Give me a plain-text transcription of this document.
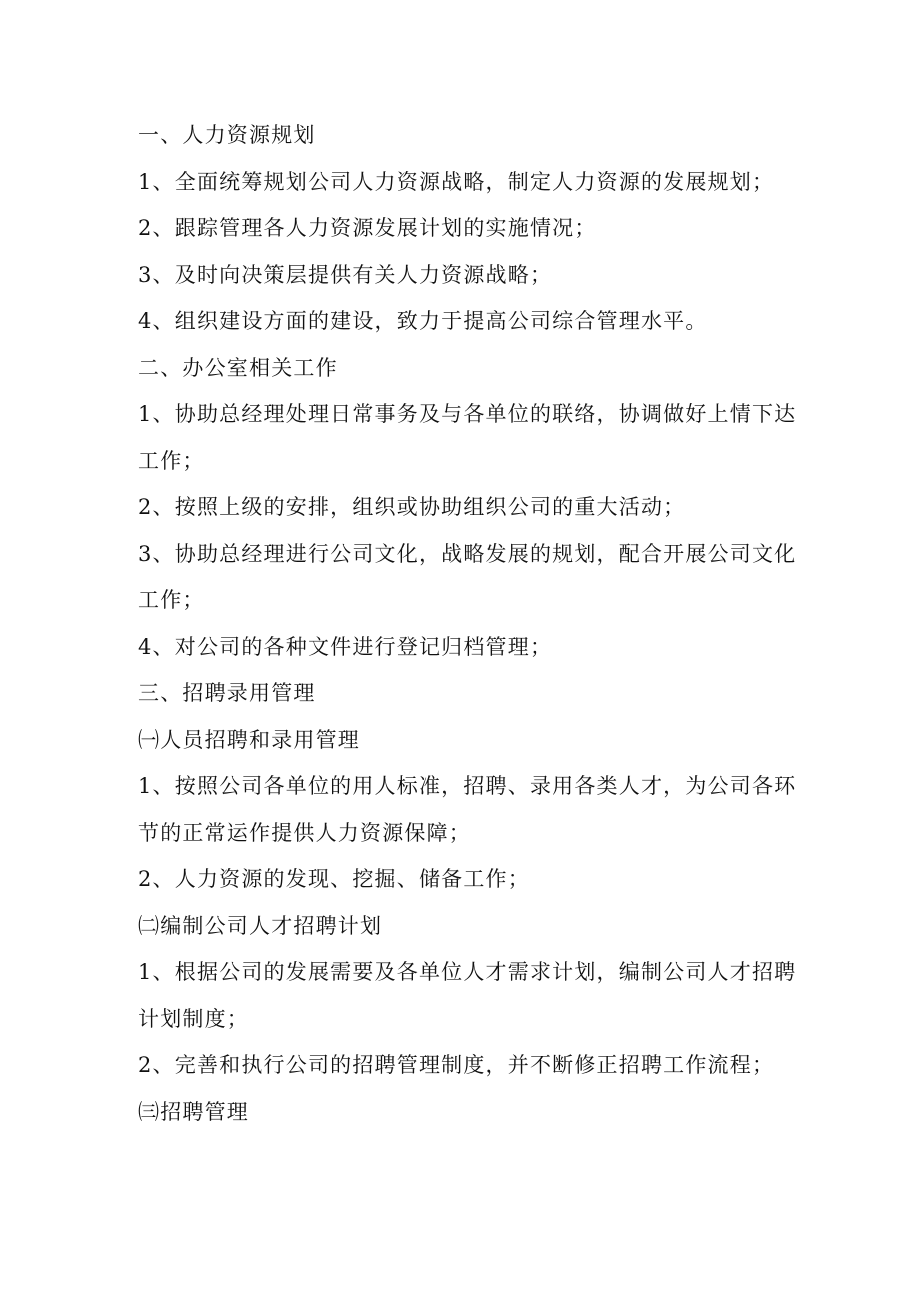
一、人力资源规划

1、全面统筹规划公司人力资源战略，制定人力资源的发展规划；

2、跟踪管理各人力资源发展计划的实施情况；

3、及时向决策层提供有关人力资源战略；

4、组织建设方面的建设，致力于提高公司综合管理水平。

二、办公室相关工作

1、协助总经理处理日常事务及与各单位的联络，协调做好上情下达

工作；

2、按照上级的安排，组织或协助组织公司的重大活动；

3、协助总经理进行公司文化，战略发展的规划，配合开展公司文化

工作；

4、对公司的各种文件进行登记归档管理；

三、招聘录用管理

㈠人员招聘和录用管理

1、按照公司各单位的用人标准，招聘、录用各类人才，为公司各环

节的正常运作提供人力资源保障；

2、人力资源的发现、挖掘、储备工作；

㈡编制公司人才招聘计划

1、根据公司的发展需要及各单位人才需求计划，编制公司人才招聘

计划制度；

2、完善和执行公司的招聘管理制度，并不断修正招聘工作流程；

㈢招聘管理
